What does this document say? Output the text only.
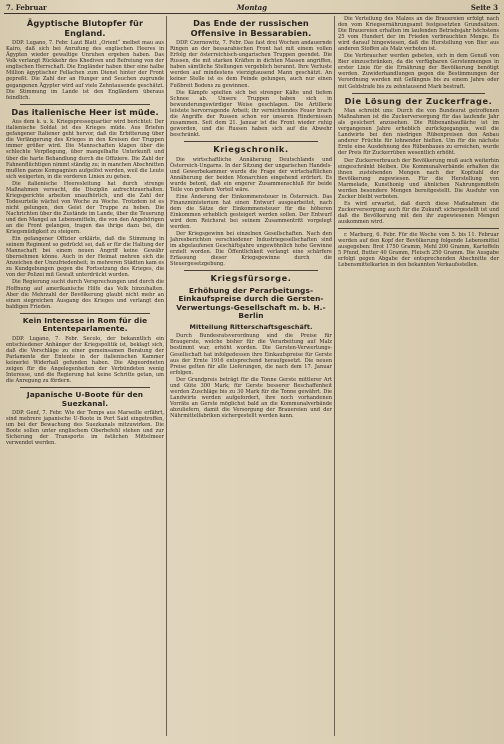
7. Februar	Montag	Seite 3
Ägyptische Blutopfer für England.

DDP. Lugano, 7. Febr. Laut Blatt „Orient“ melbet mau aus Kairo, daß sich bei Anrufung des englischen Heeres in Ägypten wieder gewaltige Unruhen ergeben haben. Das Volk verlangt Rückkehr des Khediven und Befreiung von der englischen Herrschaft. Die Engländer haben über eine halbe Million ägyptischer Fellachen zum Dienst hinter der Front gepreßt. Die Zahl der an Hunger und Seuchen zugrunde gegangenen Ägypter wird auf viele Zehntausende geschätzt. Die Stimmung im Lande ist den Engländern überaus feindlich.

Das italienische Heer ist müde.

Aus dem k. u. k. Kriegspressequartier wird berichtet: Der italienische Soldat ist des Krieges müde. Aus Briefen gefangener Italiener geht hervor, daß die Erbitterung über die Verlängerung des Krieges in den Kreisen der Truppen immer größer wird. Die Mannschaften klagen über die schlechte Verpflegung, über mangelhafte Unterkunft und über die harte Behandlung durch die Offiziere. Die Zahl der Fahnenflüchtigen nimmt ständig zu; in manchen Abschnitten mußten ganze Kompagnien aufgelöst werden, weil die Leute sich weigerten, in die vorderen Linien zu gehen.

Die italienische Heeresleitung hat durch strenge Maßnahmen versucht, die Disziplin aufrechtzuerhalten. Kriegsgerichte arbeiten unaufhörlich, und die Zahl der Todesurteile wächst von Woche zu Woche. Trotzdem ist es nicht gelungen, den Geist der Truppe zu heben. Die Nachrichten über die Zustände im Lande, über die Teuerung und den Mangel an Lebensmitteln, die von den Angehörigen an die Front gelangen, tragen das ihrige dazu bei, die Kriegsmüdigkeit zu steigern.

Ein gefangener Offizier erklärte, daß die Stimmung in seinem Regiment so gedrückt sei, daß er für die Haltung der Mannschaft bei einem neuen Angriff keine Gewähr übernehmen könne. Auch in der Heimat mehren sich die Anzeichen der Unzufriedenheit; in mehreren Städten kam es zu Kundgebungen gegen die Fortsetzung des Krieges, die von der Polizei mit Gewalt unterdrückt wurden.

Die Regierung sucht durch Versprechungen und durch die Hoffnung auf amerikanische Hilfe das Volk hinzuhalten. Aber die Mehrzahl der Bevölkerung glaubt nicht mehr an einen siegreichen Ausgang des Krieges und verlangt den baldigen Frieden.

Kein Interesse in Rom für die Ententeparlamente.

DDP. Lugano, 7. Febr. Secolo, der bekanntlich ein entschiedener Anhänger der Kriegspolitik ist, beklagt sich, daß die Vorschläge zu einer gemeinsamen Beratung der Parlamente der Entente in der italienischen Kammer keinerlei Widerhall gefunden haben. Die Abgeordneten zeigen für die Angelegenheiten der Verbündeten wenig Interesse, und die Regierung hat keine Schritte getan, um die Anregung zu fördern.

Japanische U-Boote für den Suezkanal.

DDP. Genf, 7. Febr. Wie der Temps aus Marseille erfährt, sind mehrere japanische U-Boote in Port Said eingetroffen, um bei der Bewachung des Suezkanals mitzuwirken. Die Boote sollen unter englischem Oberbefehl stehen und zur Sicherung der Transporte im östlichen Mittelmeer verwendet werden.

Das Ende der russischen Offensive in Bessarabien.

DDP. Czernowitz, 7. Febr. Das fast drei Wochen andauernde Ringen an der bessarabischen Front hat mit einem vollen Erfolg der österreichisch-ungarischen Truppen geendet. Die Russen, die mit starken Kräften in dichten Massen angriffen, haben sämtliche Stellungen vergeblich berannt. Ihre Verluste werden auf mindestens vierzigtausend Mann geschätzt. An keiner Stelle ist es dem Feinde gelungen, auch nur einen Fußbreit Bodens zu gewinnen.

Die Kämpfe spielten sich bei strenger Kälte und tiefem Schnee ab. Unsere Truppen haben sich in bewunderungswürdiger Weise geschlagen. Die Artillerie leistete hervorragende Arbeit; ihr vernichtendes Feuer brach die Angriffe der Russen schon vor unseren Hindernissen zusammen. Seit dem 21. Januar ist die Front wieder ruhig geworden, und die Russen haben sich auf die Abwehr beschränkt.

Kriegschronik.

Die wirtschaftliche Annäherung Deutschlands und Österreich-Ungarns. In der Sitzung der ungarischen Handels- und Gewerbekammer wurde die Frage der wirtschaftlichen Annäherung der beiden Monarchien eingehend erörtert. Es wurde betont, daß ein engerer Zusammenschluß für beide Teile von großem Vorteil wäre.

Eine Änderung der Einkommensteuer in Österreich. Das Finanzministerium hat einen Entwurf ausgearbeitet, nach dem die Sätze der Einkommensteuer für die höheren Einkommen erheblich gesteigert werden sollen. Der Entwurf wird dem Reichsrat bei seinem Zusammentritt vorgelegt werden.

Der Kriegsgewinn bei einzelnen Gesellschaften. Nach den Jahresberichten verschiedener Industriegesellschaften sind im abgelaufenen Geschäftsjahre ungewöhnlich hohe Gewinne erzielt worden. Die Öffentlichkeit verlangt eine schärfere Erfassung dieser Kriegsgewinne durch die Steuergesetzgebung.

Kriegsfürsorge.
Erhöhung der Perarbeitungs-Einkaufspreise durch die Gersten-Verwertungs-Gesellschaft m. b. H.-Berlin
Mitteilung Ritterschaftsgeschäft.

Durch Bundesratsverordnung sind die Preise für Braugerste, welche bisher für die Verarbeitung auf Malz bestimmt war, erhöht worden. Die Gersten-Verwertungs-Gesellschaft hat infolgedessen ihre Einkaufspreise für Gerste aus der Ernte 1916 entsprechend heraufgesetzt. Die neuen Preise gelten für alle Lieferungen, die nach dem 17. Januar erfolgen.

Der Grundpreis beträgt für die Tonne Gerste mittlerer Art und Güte 300 Mark; für Gerste besserer Beschaffenheit werden Zuschläge bis zu 30 Mark für die Tonne gewährt. Die Landwirte werden aufgefordert, ihre noch vorhandenen Vorräte an Gerste möglichst bald an die Kommunalverbände abzuliefern, damit die Versorgung der Brauereien und der Nährmittelfabriken sichergestellt werden kann.

Die Verteilung des Malzes an die Brauereien erfolgt nach den vom Kriegsernährungsamt festgesetzten Grundsätzen. Die Brauereien erhalten im laufenden Betriebsjahr höchstens 25 vom Hundert der im Frieden verbrauchten Menge. Es wird darauf hingewiesen, daß die Herstellung von Bier aus anderen Stoffen als Malz verboten ist.

Die Verbraucher werden gebeten, sich in dem Genuß von Bier einzuschränken, da die verfügbaren Gerstenmengen in erster Linie für die Ernährung der Bevölkerung benötigt werden. Zuwiderhandlungen gegen die Bestimmungen der Verordnung werden mit Gefängnis bis zu einem Jahre oder mit Geldstrafe bis zu zehntausend Mark bestraft.

Die Lösung der Zuckerfrage.

Man schreibt uns: Durch die von Bundesrat getroffenen Maßnahmen ist die Zuckerversorgung für das laufende Jahr als gesichert anzusehen. Die Rübenanbaufläche ist im vergangenen Jahre erheblich zurückgegangen, weil die Landwirte bei den niedrigen Rübenpreisen den Anbau anderer Früchte für lohnender hielten. Um für die nächste Ernte eine Ausdehnung des Rübenbaues zu erreichen, wurde der Preis für Zuckerrüben wesentlich erhöht.

Der Zuckerverbrauch der Bevölkerung muß auch weiterhin eingeschränkt bleiben. Die Kommunalverbände erhalten die ihnen zustehenden Mengen nach der Kopfzahl der Bevölkerung zugewiesen. Für die Herstellung von Marmelade, Kunsthonig und ähnlichen Nahrungsmitteln werden besondere Mengen bereitgestellt. Die Ausfuhr von Zucker bleibt verboten.

Es wird erwartet, daß durch diese Maßnahmen die Zuckerversorgung auch für die Zukunft sichergestellt ist und daß die Bevölkerung mit den ihr zugewiesenen Mengen auskommen wird.

r. Marburg, 6. Febr. Für die Woche vom 5. bis 11. Februar werden auf den Kopf der Bevölkerung folgende Lebensmittel ausgegeben: Brot 1750 Gramm, Mehl 200 Gramm, Kartoffeln 5 Pfund, Butter 40 Gramm, Fleisch 250 Gramm. Die Ausgabe erfolgt gegen Abgabe der entsprechenden Abschnitte der Lebensmittelkarten in den bekannten Verkaufsstellen.
